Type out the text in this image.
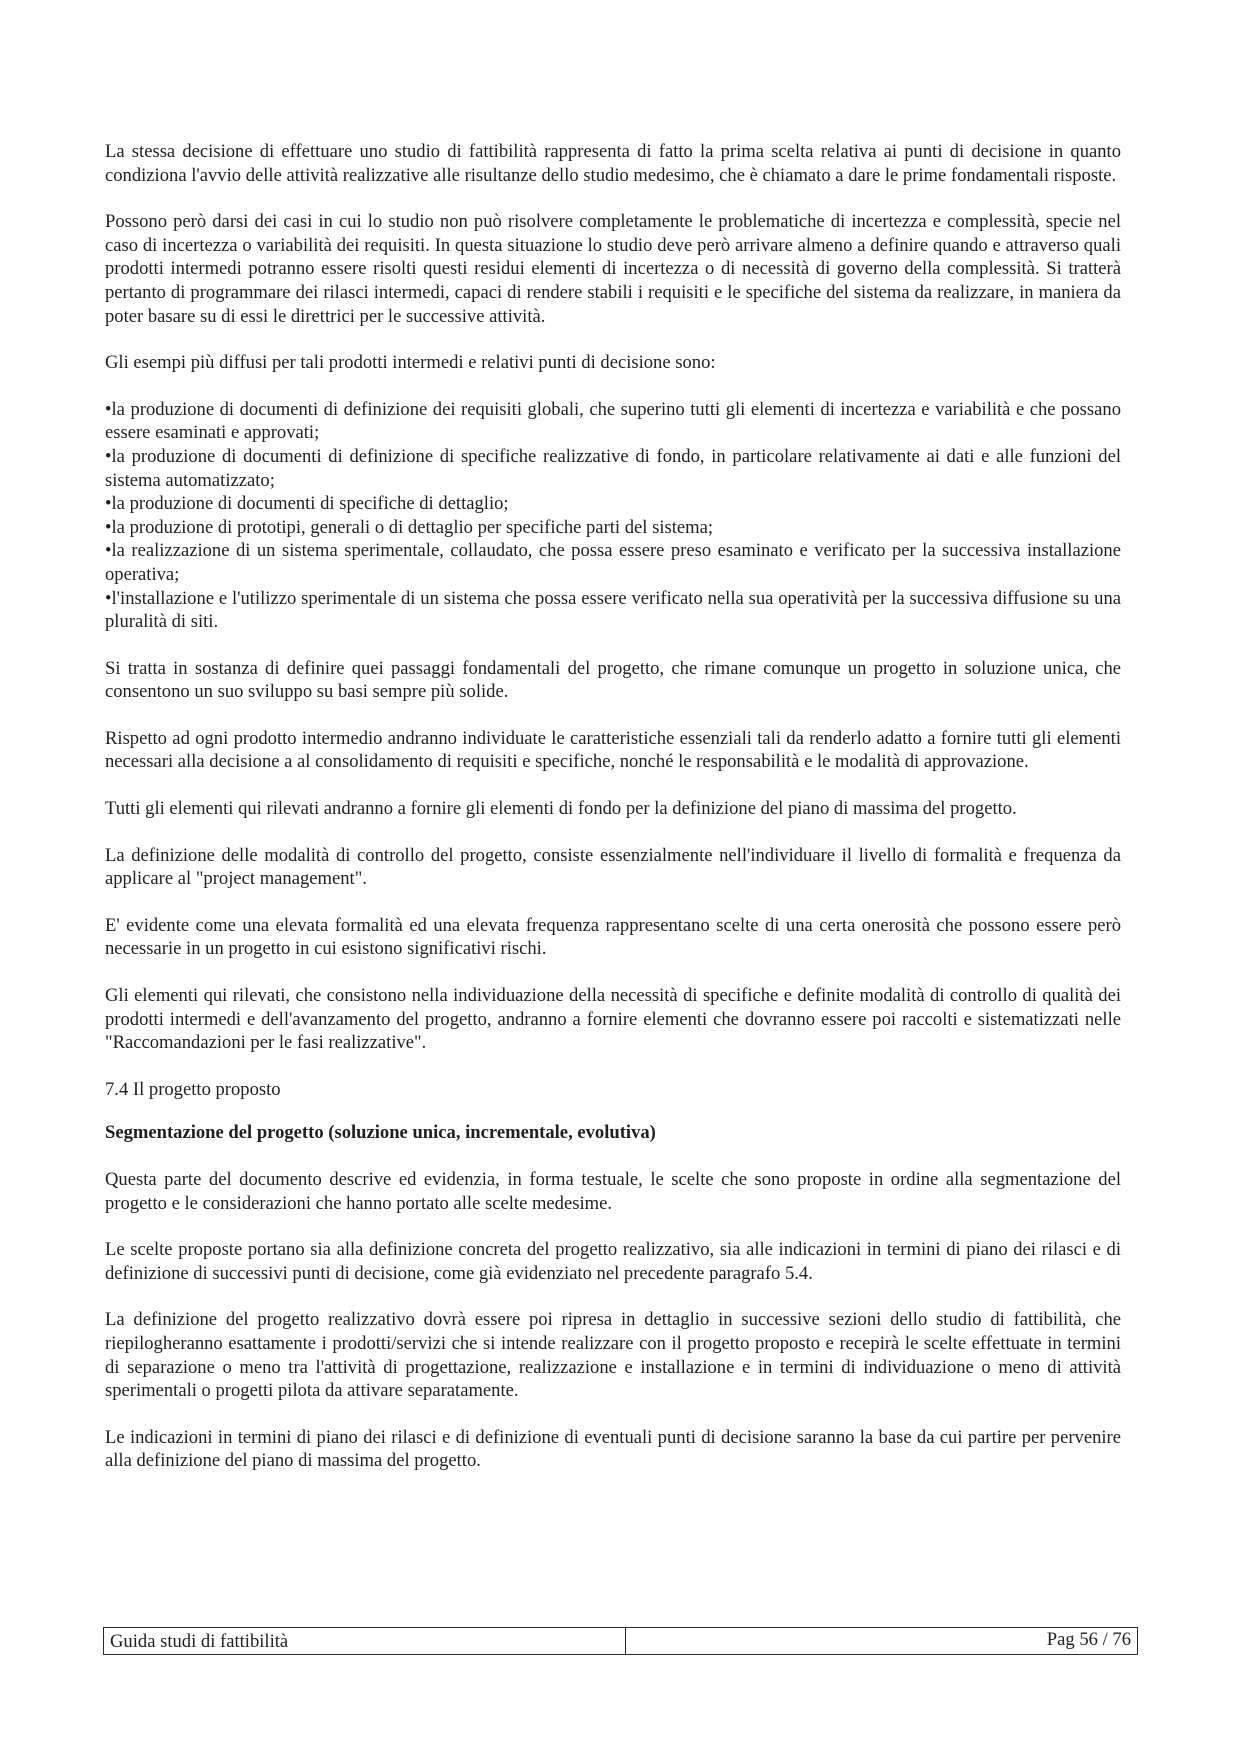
La stessa decisione di effettuare uno studio di fattibilità rappresenta di fatto la prima scelta relativa ai punti di decisione in quanto condiziona l'avvio delle attività realizzative alle risultanze dello studio medesimo, che è chiamato a dare le prime fondamentali risposte.

Possono però darsi dei casi in cui lo studio non può risolvere completamente le problematiche di incertezza e complessità, specie nel caso di incertezza o variabilità dei requisiti. In questa situazione lo studio deve però arrivare almeno a definire quando e attraverso quali prodotti intermedi potranno essere risolti questi residui elementi di incertezza o di necessità di governo della complessità. Si tratterà pertanto di programmare dei rilasci intermedi, capaci di rendere stabili i requisiti e le specifiche del sistema da realizzare, in maniera da poter basare su di essi le direttrici per le successive attività.

Gli esempi più diffusi per tali prodotti intermedi e relativi punti di decisione sono:

•la produzione di documenti di definizione dei requisiti globali, che superino tutti gli elementi di incertezza e variabilità e che possano essere esaminati e approvati;
•la produzione di documenti di definizione di specifiche realizzative di fondo, in particolare relativamente ai dati e alle funzioni del sistema automatizzato;
•la produzione di documenti di specifiche di dettaglio;
•la produzione di prototipi, generali o di dettaglio per specifiche parti del sistema;
•la realizzazione di un sistema sperimentale, collaudato, che possa essere preso esaminato e verificato per la successiva installazione operativa;
•l'installazione e l'utilizzo sperimentale di un sistema che possa essere verificato nella sua operatività per la successiva diffusione su una pluralità di siti.

Si tratta in sostanza di definire quei passaggi fondamentali del progetto, che rimane comunque un progetto in soluzione unica, che consentono un suo sviluppo su basi sempre più solide.

Rispetto ad ogni prodotto intermedio andranno individuate le caratteristiche essenziali tali da renderlo adatto a fornire tutti gli elementi necessari alla decisione a al consolidamento di requisiti e specifiche, nonché le responsabilità e le modalità di approvazione.

Tutti gli elementi qui rilevati andranno a fornire gli elementi di fondo per la definizione del piano di massima del progetto.

La definizione delle modalità di controllo del progetto, consiste essenzialmente nell'individuare il livello di formalità e frequenza da applicare al "project management".

E' evidente come una elevata formalità ed una elevata frequenza rappresentano scelte di una certa onerosità che possono essere però necessarie in un progetto in cui esistono significativi rischi.

Gli elementi qui rilevati, che consistono nella individuazione della necessità di specifiche e definite modalità di controllo di qualità dei prodotti intermedi e dell'avanzamento del progetto, andranno a fornire elementi che dovranno essere poi raccolti e sistematizzati nelle "Raccomandazioni per le fasi realizzative".

7.4 Il progetto proposto

Segmentazione del progetto (soluzione unica, incrementale, evolutiva)

Questa parte del documento descrive ed evidenzia, in forma testuale, le scelte che sono proposte in ordine alla segmentazione del progetto e le considerazioni che hanno portato alle scelte medesime.

Le scelte proposte portano sia alla definizione concreta del progetto realizzativo, sia alle indicazioni in termini di piano dei rilasci e di definizione di successivi punti di decisione, come già evidenziato nel precedente paragrafo 5.4.

La definizione del progetto realizzativo dovrà essere poi ripresa in dettaglio in successive sezioni dello studio di fattibilità, che riepilogheranno esattamente i prodotti/servizi che si intende realizzare con il progetto proposto e recepirà le scelte effettuate in termini di separazione o meno tra l'attività di progettazione, realizzazione e installazione e in termini di individuazione o meno di attività sperimentali o progetti pilota da attivare separatamente.

Le indicazioni in termini di piano dei rilasci e di definizione di eventuali punti di decisione saranno la base da cui partire per pervenire alla definizione del piano di massima del progetto.

Guida studi di fattibilità	Pag 56 / 76
